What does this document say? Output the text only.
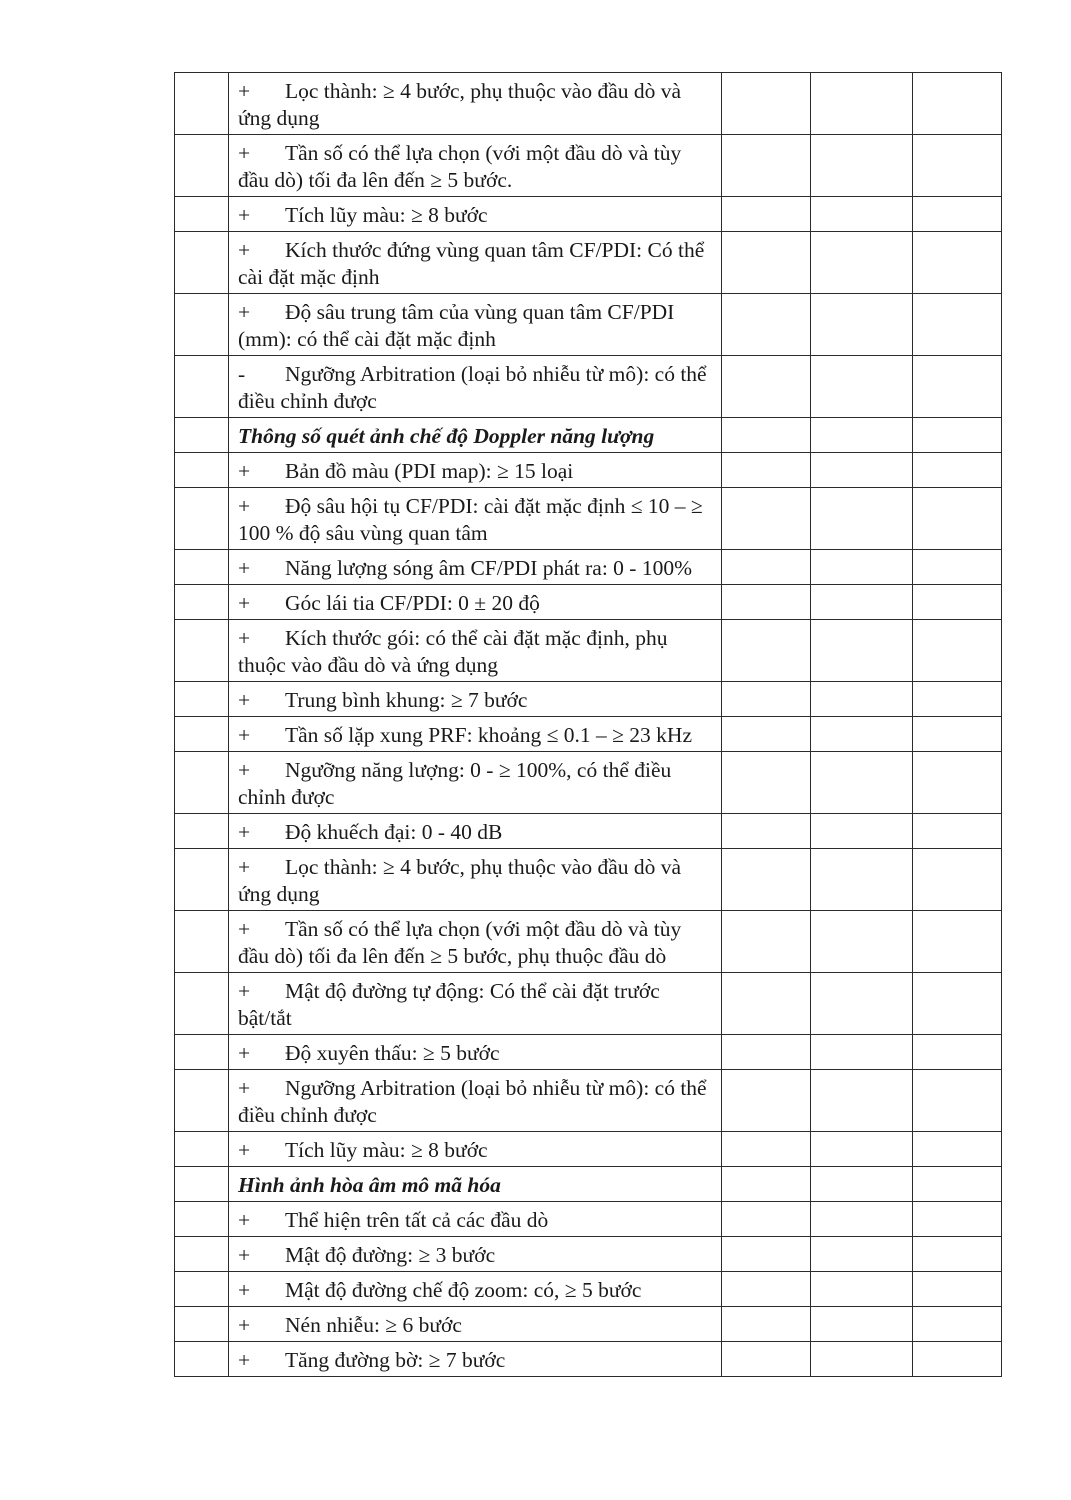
	+ Lọc thành: ≥ 4 bước, phụ thuộc vào đầu dò và ứng dụng			
	+ Tần số có thể lựa chọn (với một đầu dò và tùy đầu dò) tối đa lên đến ≥ 5 bước.			
	+ Tích lũy màu: ≥ 8 bước			
	+ Kích thước đứng vùng quan tâm CF/PDI: Có thể cài đặt mặc định			
	+ Độ sâu trung tâm của vùng quan tâm CF/PDI (mm): có thể cài đặt mặc định			
	- Ngưỡng Arbitration (loại bỏ nhiễu từ mô): có thể điều chỉnh được			
	Thông số quét ảnh chế độ Doppler năng lượng			
	+ Bản đồ màu (PDI map): ≥ 15 loại			
	+ Độ sâu hội tụ CF/PDI: cài đặt mặc định ≤ 10 – ≥ 100 % độ sâu vùng quan tâm			
	+ Năng lượng sóng âm CF/PDI phát ra: 0 - 100%			
	+ Góc lái tia CF/PDI: 0 ± 20 độ			
	+ Kích thước gói: có thể cài đặt mặc định, phụ thuộc vào đầu dò và ứng dụng			
	+ Trung bình khung: ≥ 7 bước			
	+ Tần số lặp xung PRF: khoảng ≤ 0.1 – ≥ 23 kHz			
	+ Ngưỡng năng lượng: 0 - ≥ 100%, có thể điều chỉnh được			
	+ Độ khuếch đại: 0 - 40 dB			
	+ Lọc thành: ≥ 4 bước, phụ thuộc vào đầu dò và ứng dụng			
	+ Tần số có thể lựa chọn (với một đầu dò và tùy đầu dò) tối đa lên đến ≥ 5 bước, phụ thuộc đầu dò			
	+ Mật độ đường tự động: Có thể cài đặt trước bật/tắt			
	+ Độ xuyên thấu: ≥ 5 bước			
	+ Ngưỡng Arbitration (loại bỏ nhiễu từ mô): có thể điều chỉnh được			
	+ Tích lũy màu: ≥ 8 bước			
	Hình ảnh hòa âm mô mã hóa			
	+ Thể hiện trên tất cả các đầu dò			
	+ Mật độ đường: ≥ 3 bước			
	+ Mật độ đường chế độ zoom: có, ≥ 5 bước			
	+ Nén nhiễu: ≥ 6 bước			
	+ Tăng đường bờ: ≥ 7 bước			
